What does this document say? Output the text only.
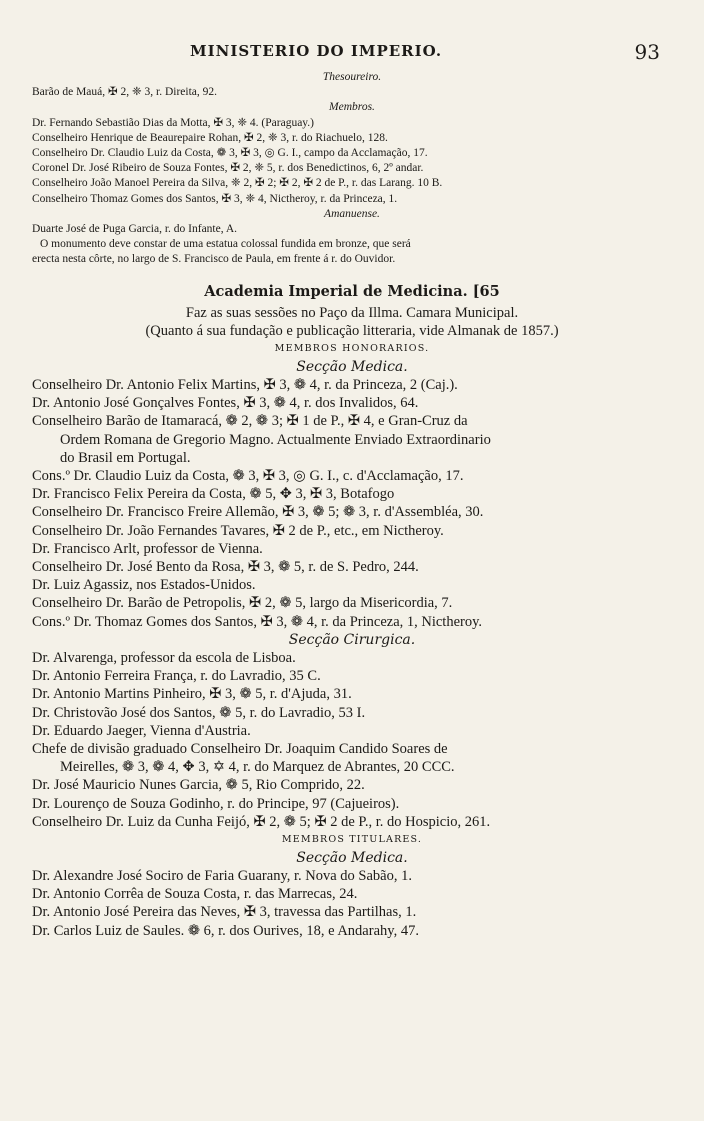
MINISTERIO DO IMPERIO.	93
Thesoureiro.
Barão de Mauá, ✠ 2, ❈ 3, r. Direita, 92.
Membros.
Dr. Fernando Sebastião Dias da Motta, ✠ 3, ❈ 4. (Paraguay.)
Conselheiro Henrique de Beaurepaire Rohan, ✠ 2, ❈ 3, r. do Riachuelo, 128.
Conselheiro Dr. Claudio Luiz da Costa, ❁ 3, ✠ 3, ◎ G. I., campo da Acclamação, 17.
Coronel Dr. José Ribeiro de Souza Fontes, ✠ 2, ❈ 5, r. dos Benedictinos, 6, 2º andar.
Conselheiro João Manoel Pereira da Silva, ❈ 2, ✠ 2; ✠ 2, ✠ 2 de P., r. das Larang. 10 B.
Conselheiro Thomaz Gomes dos Santos, ✠ 3, ❈ 4, Nictheroy, r. da Princeza, 1.
Amanuense.
Duarte José de Puga Garcia, r. do Infante, A.
O monumento deve constar de uma estatua colossal fundida em bronze, que será
erecta nesta côrte, no largo de S. Francisco de Paula, em frente á r. do Ouvidor.
Academia Imperial de Medicina. [65
Faz as suas sessões no Paço da Illma. Camara Municipal.
(Quanto á sua fundação e publicação litteraria, vide Almanak de 1857.)
MEMBROS HONORARIOS.
Secção Medica.
Conselheiro Dr. Antonio Felix Martins, ✠ 3, ❁ 4, r. da Princeza, 2 (Caj.).
Dr. Antonio José Gonçalves Fontes, ✠ 3, ❁ 4, r. dos Invalidos, 64.
Conselheiro Barão de Itamaracá, ❁ 2, ❁ 3; ✠ 1 de P., ✠ 4, e Gran-Cruz da
Ordem Romana de Gregorio Magno. Actualmente Enviado Extraordinario
do Brasil em Portugal.
Cons.º Dr. Claudio Luiz da Costa, ❁ 3, ✠ 3, ◎ G. I., c. d'Acclamação, 17.
Dr. Francisco Felix Pereira da Costa, ❁ 5, ✥ 3, ✠ 3, Botafogo
Conselheiro Dr. Francisco Freire Allemão, ✠ 3, ❁ 5; ❁ 3, r. d'Assembléa, 30.
Conselheiro Dr. João Fernandes Tavares, ✠ 2 de P., etc., em Nictheroy.
Dr. Francisco Arlt, professor de Vienna.
Conselheiro Dr. José Bento da Rosa, ✠ 3, ❁ 5, r. de S. Pedro, 244.
Dr. Luiz Agassiz, nos Estados-Unidos.
Conselheiro Dr. Barão de Petropolis, ✠ 2, ❁ 5, largo da Misericordia, 7.
Cons.º Dr. Thomaz Gomes dos Santos, ✠ 3, ❁ 4, r. da Princeza, 1, Nictheroy.
Secção Cirurgica.
Dr. Alvarenga, professor da escola de Lisboa.
Dr. Antonio Ferreira França, r. do Lavradio, 35 C.
Dr. Antonio Martins Pinheiro, ✠ 3, ❁ 5, r. d'Ajuda, 31.
Dr. Christovão José dos Santos, ❁ 5, r. do Lavradio, 53 I.
Dr. Eduardo Jaeger, Vienna d'Austria.
Chefe de divisão graduado Conselheiro Dr. Joaquim Candido Soares de
Meirelles, ❁ 3, ❁ 4, ✥ 3, ✡ 4, r. do Marquez de Abrantes, 20 CCC.
Dr. José Mauricio Nunes Garcia, ❁ 5, Rio Comprido, 22.
Dr. Lourenço de Souza Godinho, r. do Principe, 97 (Cajueiros).
Conselheiro Dr. Luiz da Cunha Feijó, ✠ 2, ❁ 5; ✠ 2 de P., r. do Hospicio, 261.
MEMBROS TITULARES.
Secção Medica.
Dr. Alexandre José Sociro de Faria Guarany, r. Nova do Sabão, 1.
Dr. Antonio Corrêa de Souza Costa, r. das Marrecas, 24.
Dr. Antonio José Pereira das Neves, ✠ 3, travessa das Partilhas, 1.
Dr. Carlos Luiz de Saules. ❁ 6, r. dos Ourives, 18, e Andarahy, 47.
